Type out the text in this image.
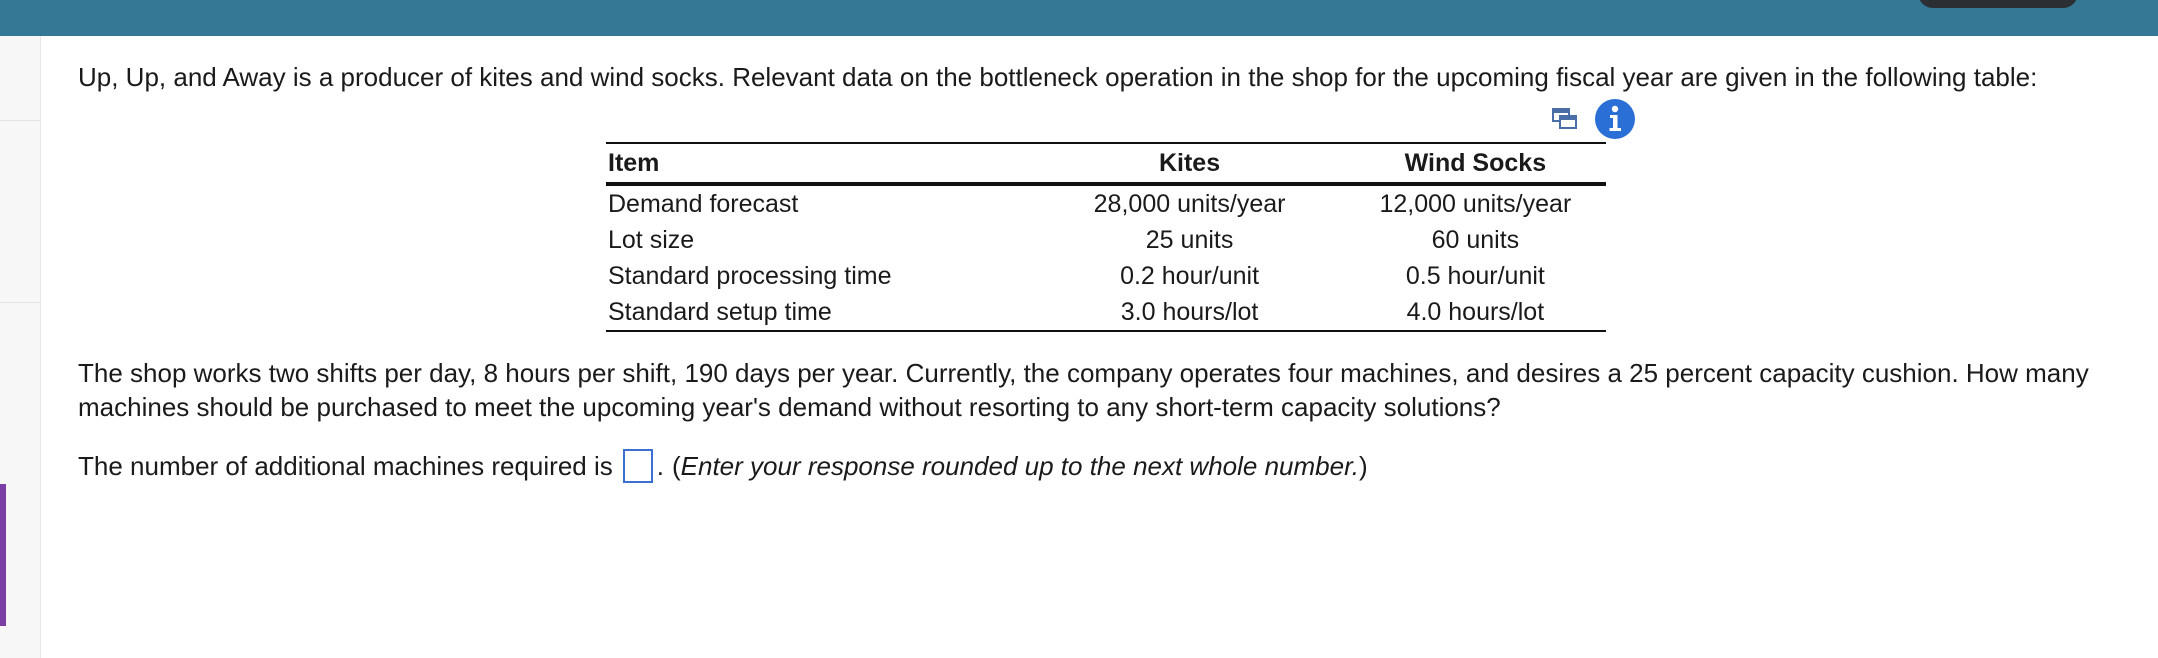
Up, Up, and Away is a producer of kites and wind socks. Relevant data on the bottleneck operation in the shop for the upcoming fiscal year are given in the following table:
Item	Kites	Wind Socks
Demand forecast	28,000 units/year	12,000 units/year
Lot size	25 units	60 units
Standard processing time	0.2 hour/unit	0.5 hour/unit
Standard setup time	3.0 hours/lot	4.0 hours/lot
The shop works two shifts per day, 8 hours per shift, 190 days per year. Currently, the company operates four machines, and desires a 25 percent capacity cushion. How many machines should be purchased to meet the upcoming year's demand without resorting to any short-term capacity solutions?
The number of additional machines required is . ( Enter your response rounded up to the next whole number. )
